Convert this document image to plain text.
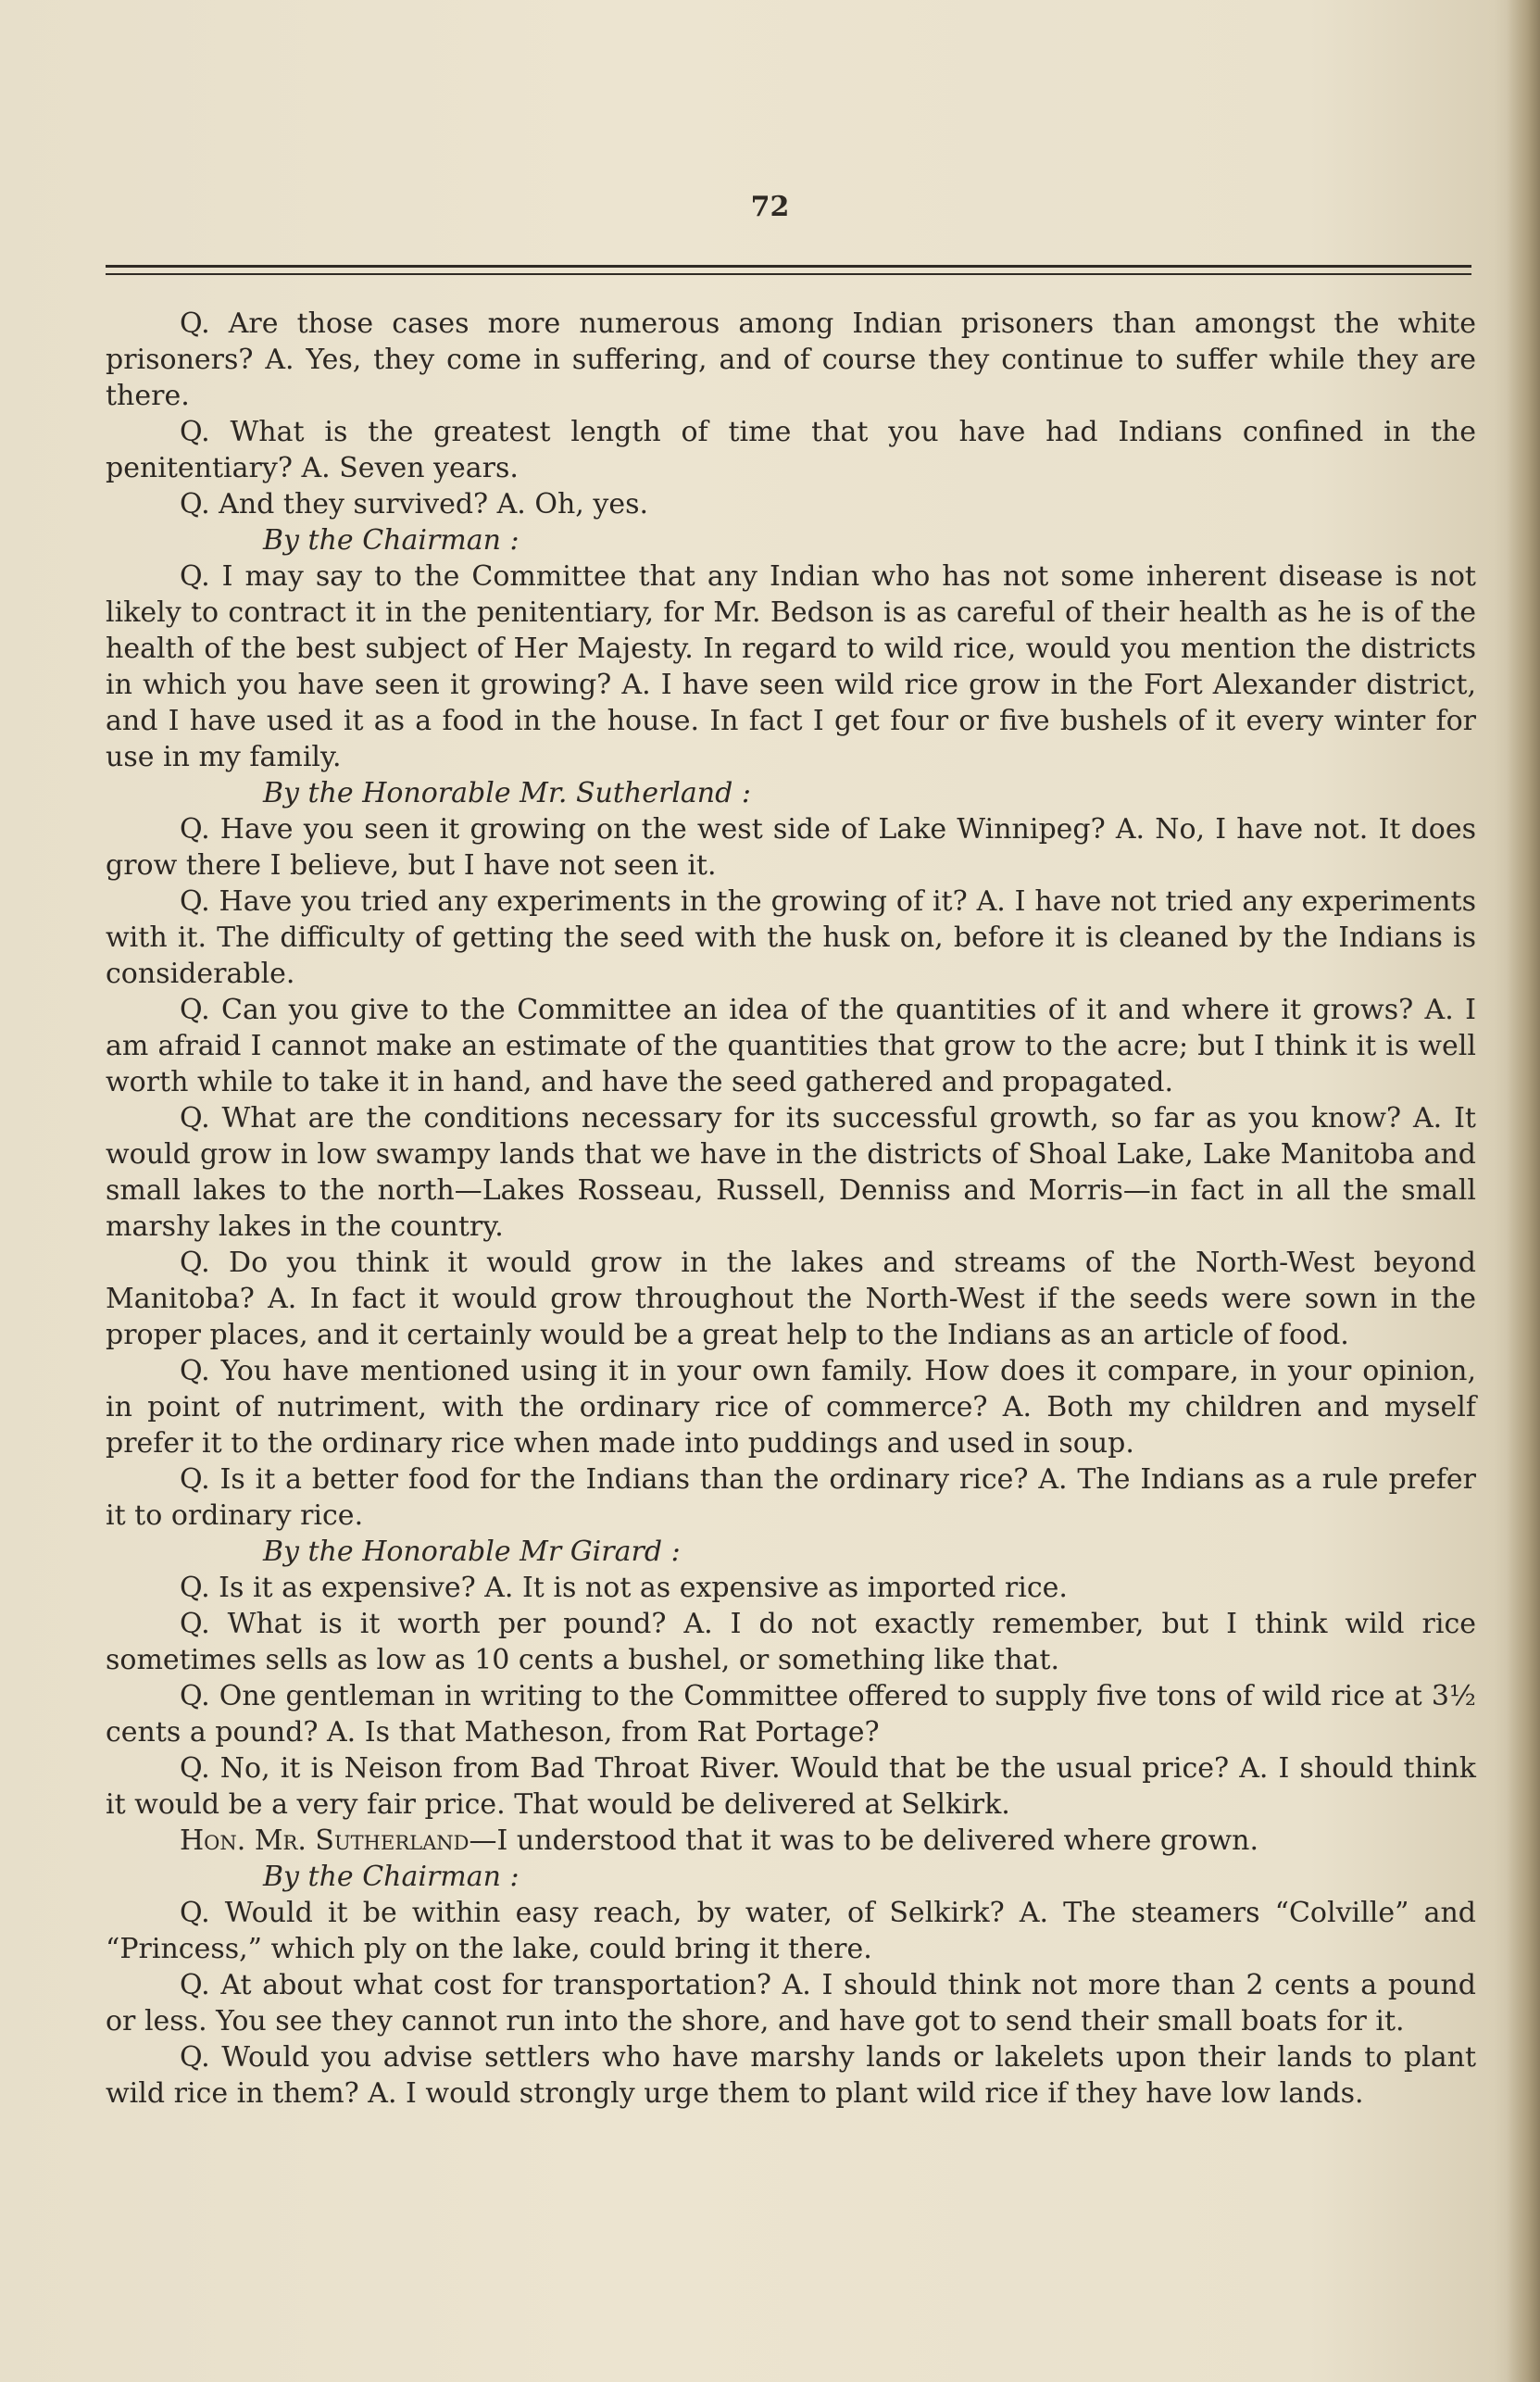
72

Q. Are those cases more numerous among Indian prisoners than amongst the white prisoners? A. Yes, they come in suffering, and of course they continue to suffer while they are there.

Q. What is the greatest length of time that you have had Indians confined in the penitentiary? A. Seven years.

Q. And they survived? A. Oh, yes.

By the Chairman :

Q. I may say to the Committee that any Indian who has not some inherent disease is not likely to contract it in the penitentiary, for Mr. Bedson is as careful of their health as he is of the health of the best subject of Her Majesty. In regard to wild rice, would you mention the districts in which you have seen it growing? A. I have seen wild rice grow in the Fort Alexander district, and I have used it as a food in the house. In fact I get four or five bushels of it every winter for use in my family.

By the Honorable Mr. Sutherland :

Q. Have you seen it growing on the west side of Lake Winnipeg? A. No, I have not. It does grow there I believe, but I have not seen it.

Q. Have you tried any experiments in the growing of it? A. I have not tried any experiments with it. The difficulty of getting the seed with the husk on, before it is cleaned by the Indians is considerable.

Q. Can you give to the Committee an idea of the quantities of it and where it grows? A. I am afraid I cannot make an estimate of the quantities that grow to the acre; but I think it is well worth while to take it in hand, and have the seed gathered and propagated.

Q. What are the conditions necessary for its successful growth, so far as you know? A. It would grow in low swampy lands that we have in the districts of Shoal Lake, Lake Manitoba and small lakes to the north—Lakes Rosseau, Russell, Denniss and Morris—in fact in all the small marshy lakes in the country.

Q. Do you think it would grow in the lakes and streams of the North-West beyond Manitoba? A. In fact it would grow throughout the North-West if the seeds were sown in the proper places, and it certainly would be a great help to the Indians as an article of food.

Q. You have mentioned using it in your own family. How does it compare, in your opinion, in point of nutriment, with the ordinary rice of commerce? A. Both my children and myself prefer it to the ordinary rice when made into puddings and used in soup.

Q. Is it a better food for the Indians than the ordinary rice? A. The Indians as a rule prefer it to ordinary rice.

By the Honorable Mr Girard :

Q. Is it as expensive? A. It is not as expensive as imported rice.

Q. What is it worth per pound? A. I do not exactly remember, but I think wild rice sometimes sells as low as 10 cents a bushel, or something like that.

Q. One gentleman in writing to the Committee offered to supply five tons of wild rice at 3½ cents a pound? A. Is that Matheson, from Rat Portage?

Q. No, it is Neison from Bad Throat River. Would that be the usual price? A. I should think it would be a very fair price. That would be delivered at Selkirk.

Hon. Mr. Sutherland—I understood that it was to be delivered where grown.

By the Chairman :

Q. Would it be within easy reach, by water, of Selkirk? A. The steamers “Colville” and “Princess,” which ply on the lake, could bring it there.

Q. At about what cost for transportation? A. I should think not more than 2 cents a pound or less. You see they cannot run into the shore, and have got to send their small boats for it.

Q. Would you advise settlers who have marshy lands or lakelets upon their lands to plant wild rice in them? A. I would strongly urge them to plant wild rice if they have low lands.
